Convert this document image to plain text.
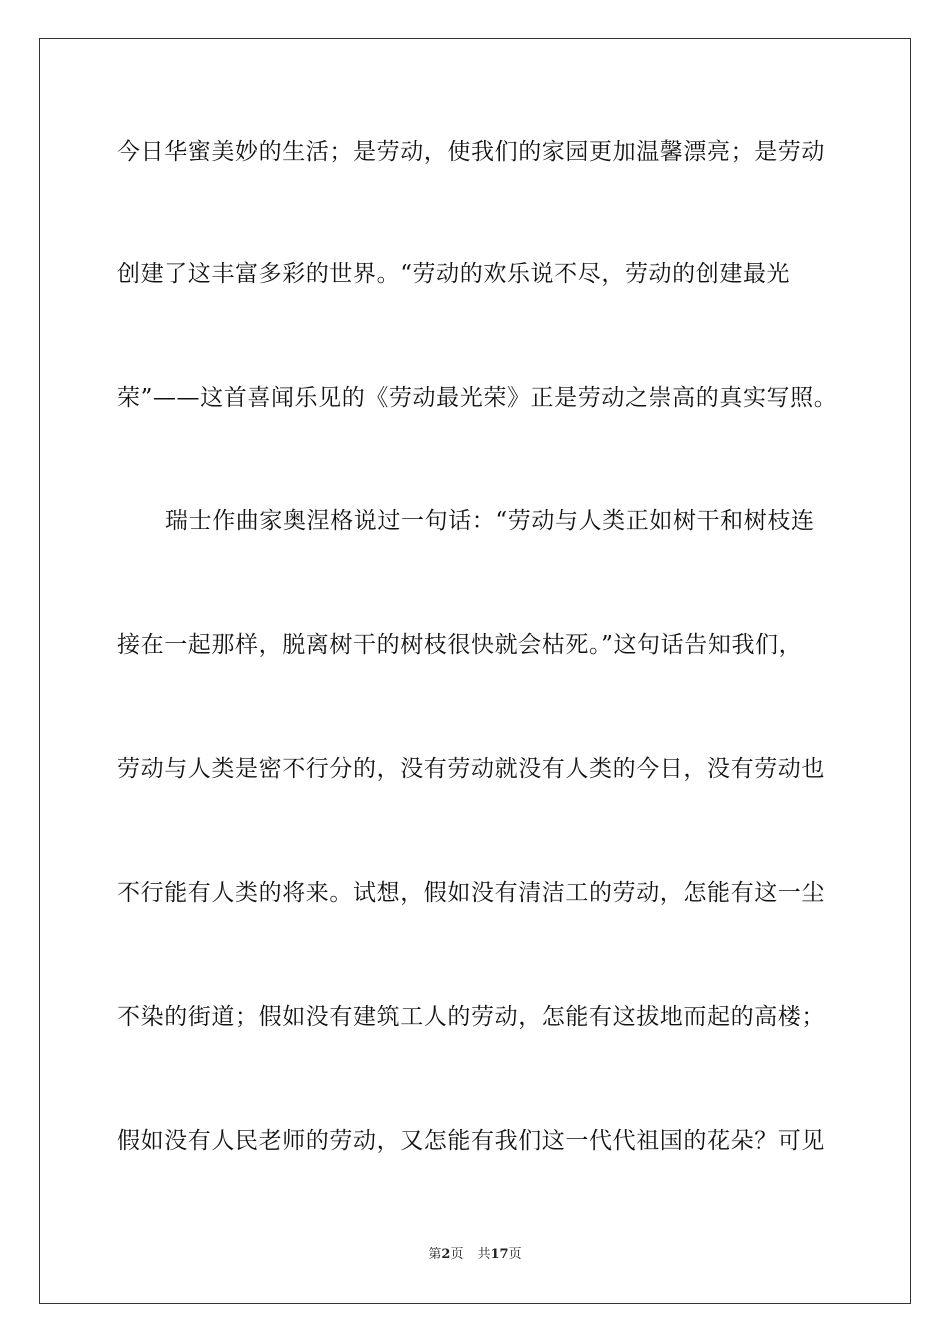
今日华蜜美妙的生活；是劳动，使我们的家园更加温馨漂亮；是劳动
创建了这丰富多彩的世界。“劳动的欢乐说不尽，劳动的创建最光
荣”——这首喜闻乐见的《劳动最光荣》正是劳动之崇高的真实写照。
瑞士作曲家奥涅格说过一句话：“劳动与人类正如树干和树枝连
接在一起那样，脱离树干的树枝很快就会枯死。”这句话告知我们，
劳动与人类是密不行分的，没有劳动就没有人类的今日，没有劳动也
不行能有人类的将来。试想，假如没有清洁工的劳动，怎能有这一尘
不染的街道；假如没有建筑工人的劳动，怎能有这拔地而起的高楼；
假如没有人民老师的劳动，又怎能有我们这一代代祖国的花朵？可见
第2页 共17页
